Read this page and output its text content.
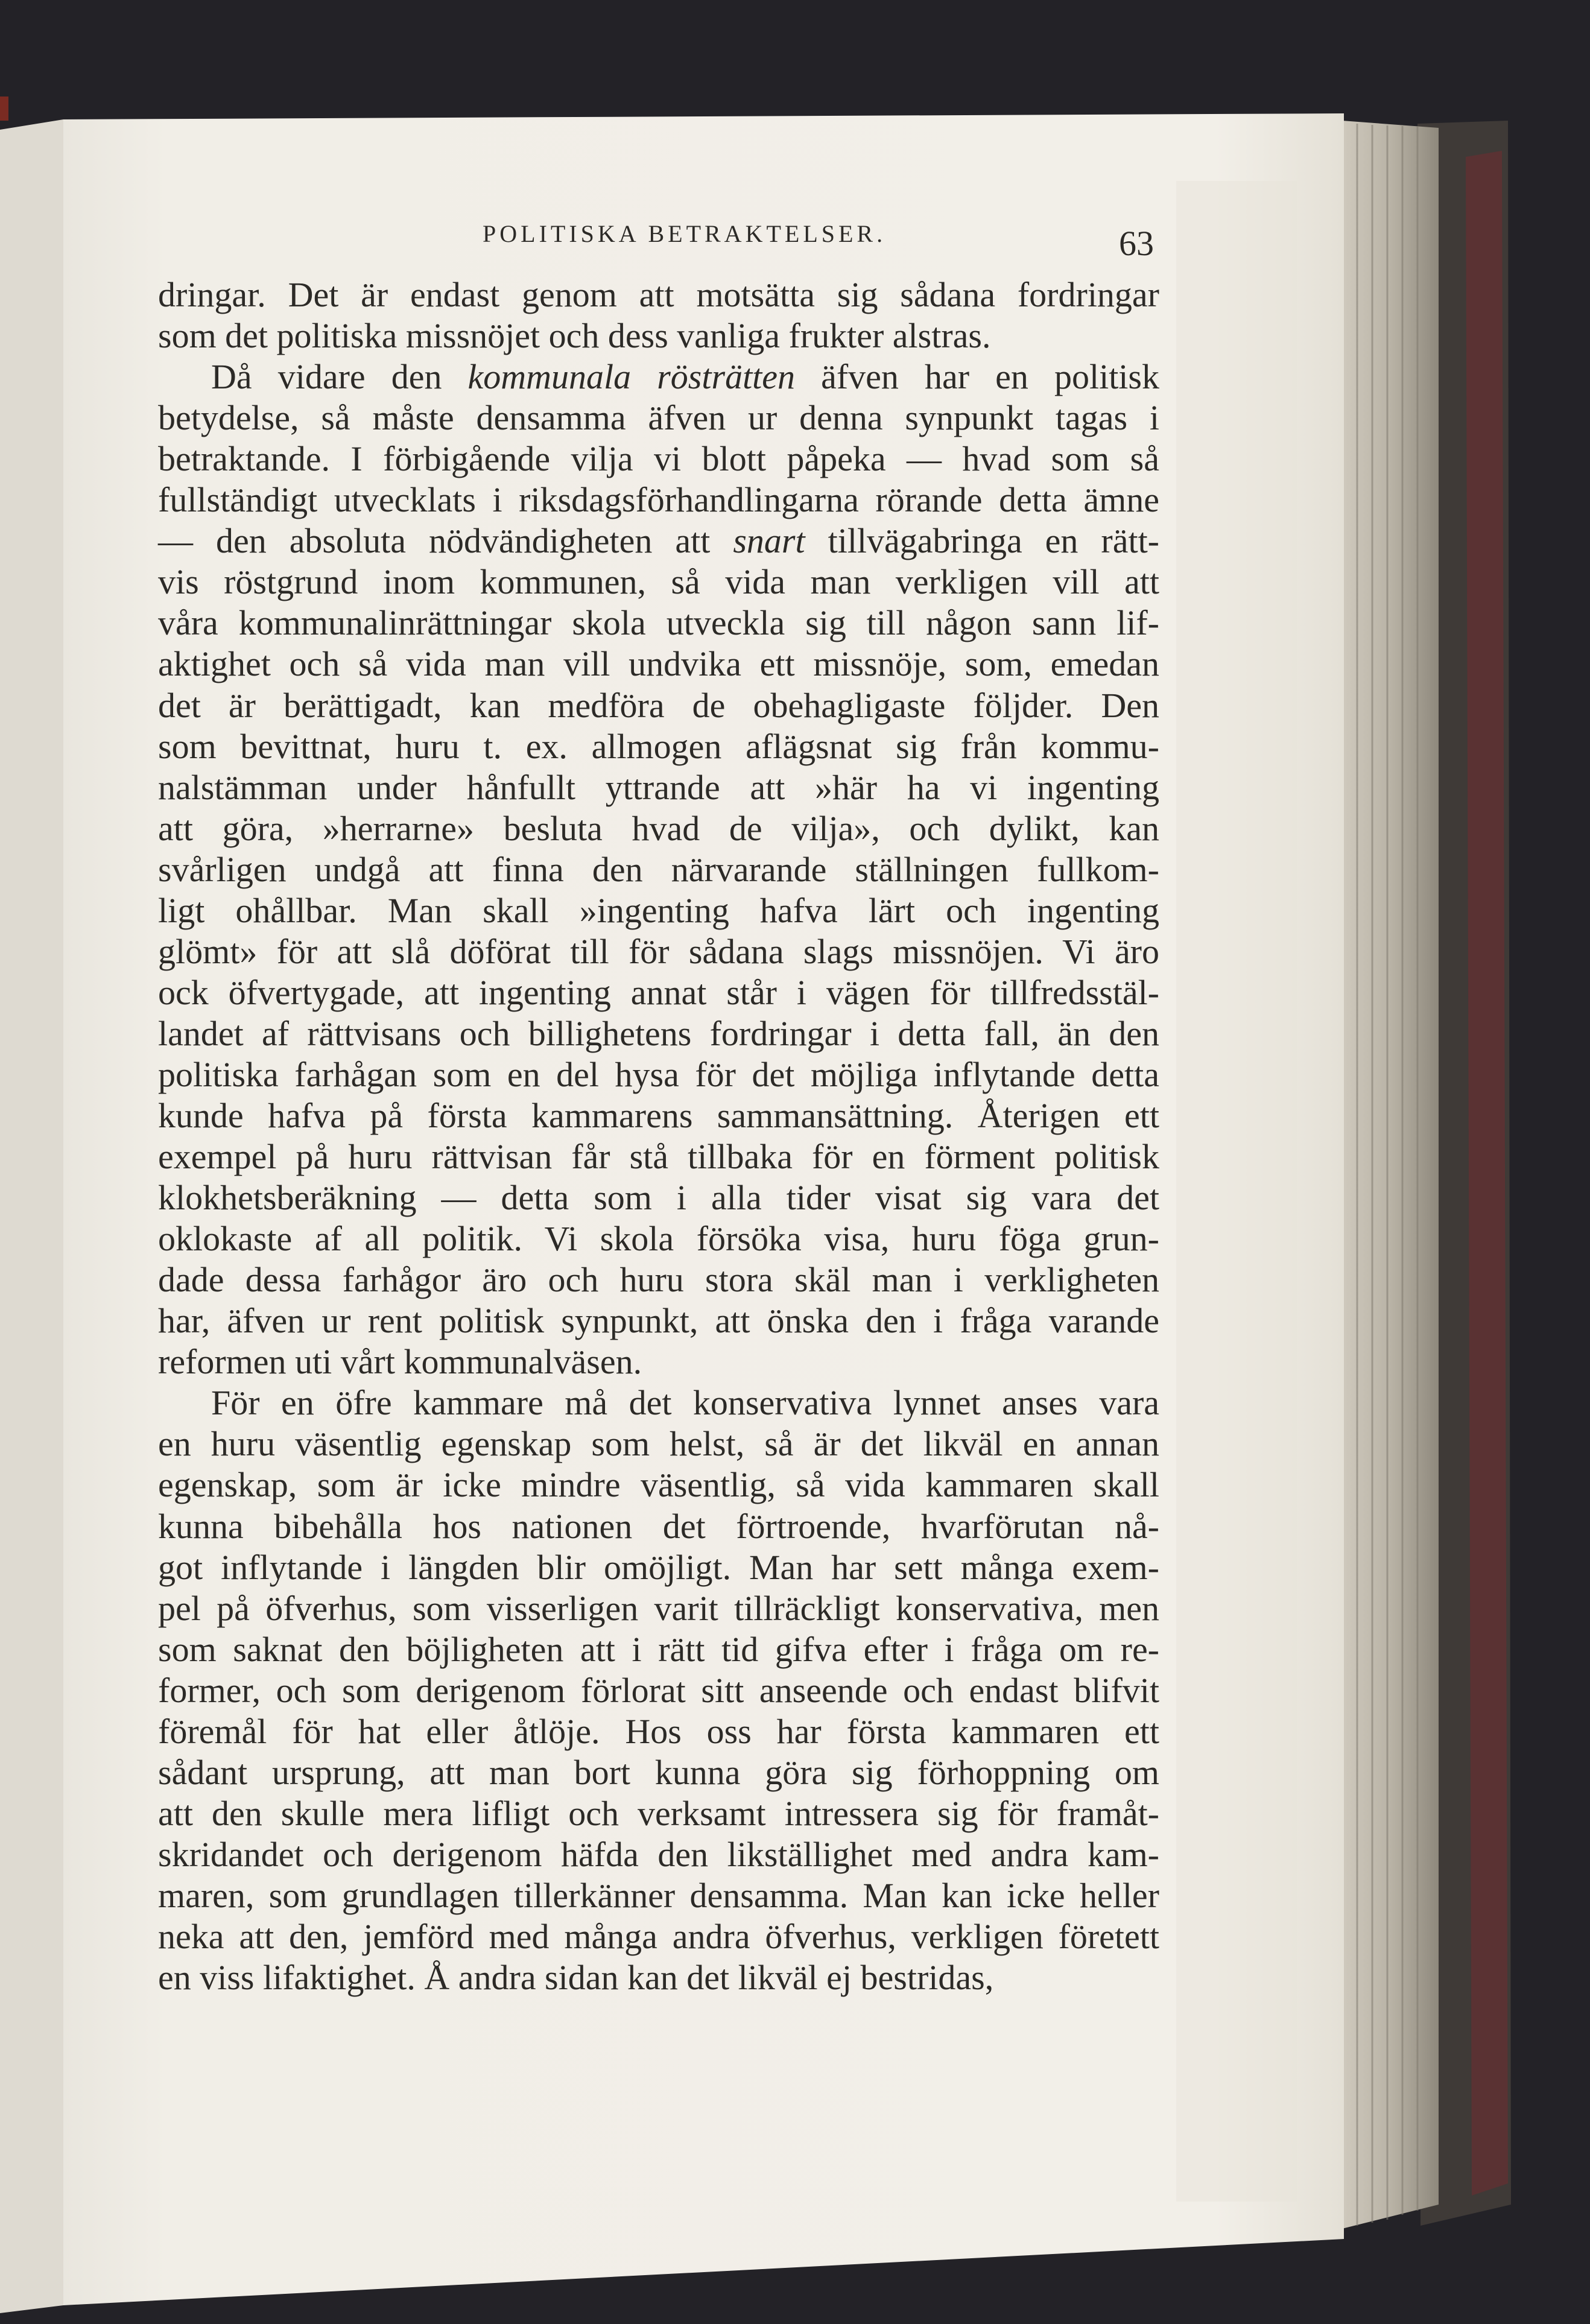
POLITISKA BETRAKTELSER.	63
dringar. Det är endast genom att motsätta sig sådana fordringar
som det politiska missnöjet och dess vanliga frukter alstras.
Då vidare den kommunala rösträtten äfven har en politisk
betydelse, så måste densamma äfven ur denna synpunkt tagas i
betraktande. I förbigående vilja vi blott påpeka — hvad som så
fullständigt utvecklats i riksdagsförhandlingarna rörande detta ämne
— den absoluta nödvändigheten att snart tillvägabringa en rätt-
vis röstgrund inom kommunen, så vida man verkligen vill att
våra kommunalinrättningar skola utveckla sig till någon sann lif-
aktighet och så vida man vill undvika ett missnöje, som, emedan
det är berättigadt, kan medföra de obehagligaste följder. Den
som bevittnat, huru t. ex. allmogen aflägsnat sig från kommu-
nalstämman under hånfullt yttrande att »här ha vi ingenting
att göra, »herrarne» besluta hvad de vilja», och dylikt, kan
svårligen undgå att finna den närvarande ställningen fullkom-
ligt ohållbar. Man skall »ingenting hafva lärt och ingenting
glömt» för att slå döförat till för sådana slags missnöjen. Vi äro
ock öfvertygade, att ingenting annat står i vägen för tillfredsstäl-
landet af rättvisans och billighetens fordringar i detta fall, än den
politiska farhågan som en del hysa för det möjliga inflytande detta
kunde hafva på första kammarens sammansättning. Återigen ett
exempel på huru rättvisan får stå tillbaka för en förment politisk
klokhetsberäkning — detta som i alla tider visat sig vara det
oklokaste af all politik. Vi skola försöka visa, huru föga grun-
dade dessa farhågor äro och huru stora skäl man i verkligheten
har, äfven ur rent politisk synpunkt, att önska den i fråga varande
reformen uti vårt kommunalväsen.
För en öfre kammare må det konservativa lynnet anses vara
en huru väsentlig egenskap som helst, så är det likväl en annan
egenskap, som är icke mindre väsentlig, så vida kammaren skall
kunna bibehålla hos nationen det förtroende, hvarförutan nå-
got inflytande i längden blir omöjligt. Man har sett många exem-
pel på öfverhus, som visserligen varit tillräckligt konservativa, men
som saknat den böjligheten att i rätt tid gifva efter i fråga om re-
former, och som derigenom förlorat sitt anseende och endast blifvit
föremål för hat eller åtlöje. Hos oss har första kammaren ett
sådant ursprung, att man bort kunna göra sig förhoppning om
att den skulle mera lifligt och verksamt intressera sig för framåt-
skridandet och derigenom häfda den likställighet med andra kam-
maren, som grundlagen tillerkänner densamma. Man kan icke heller
neka att den, jemförd med många andra öfverhus, verkligen företett
en viss lifaktighet. Å andra sidan kan det likväl ej bestridas,
